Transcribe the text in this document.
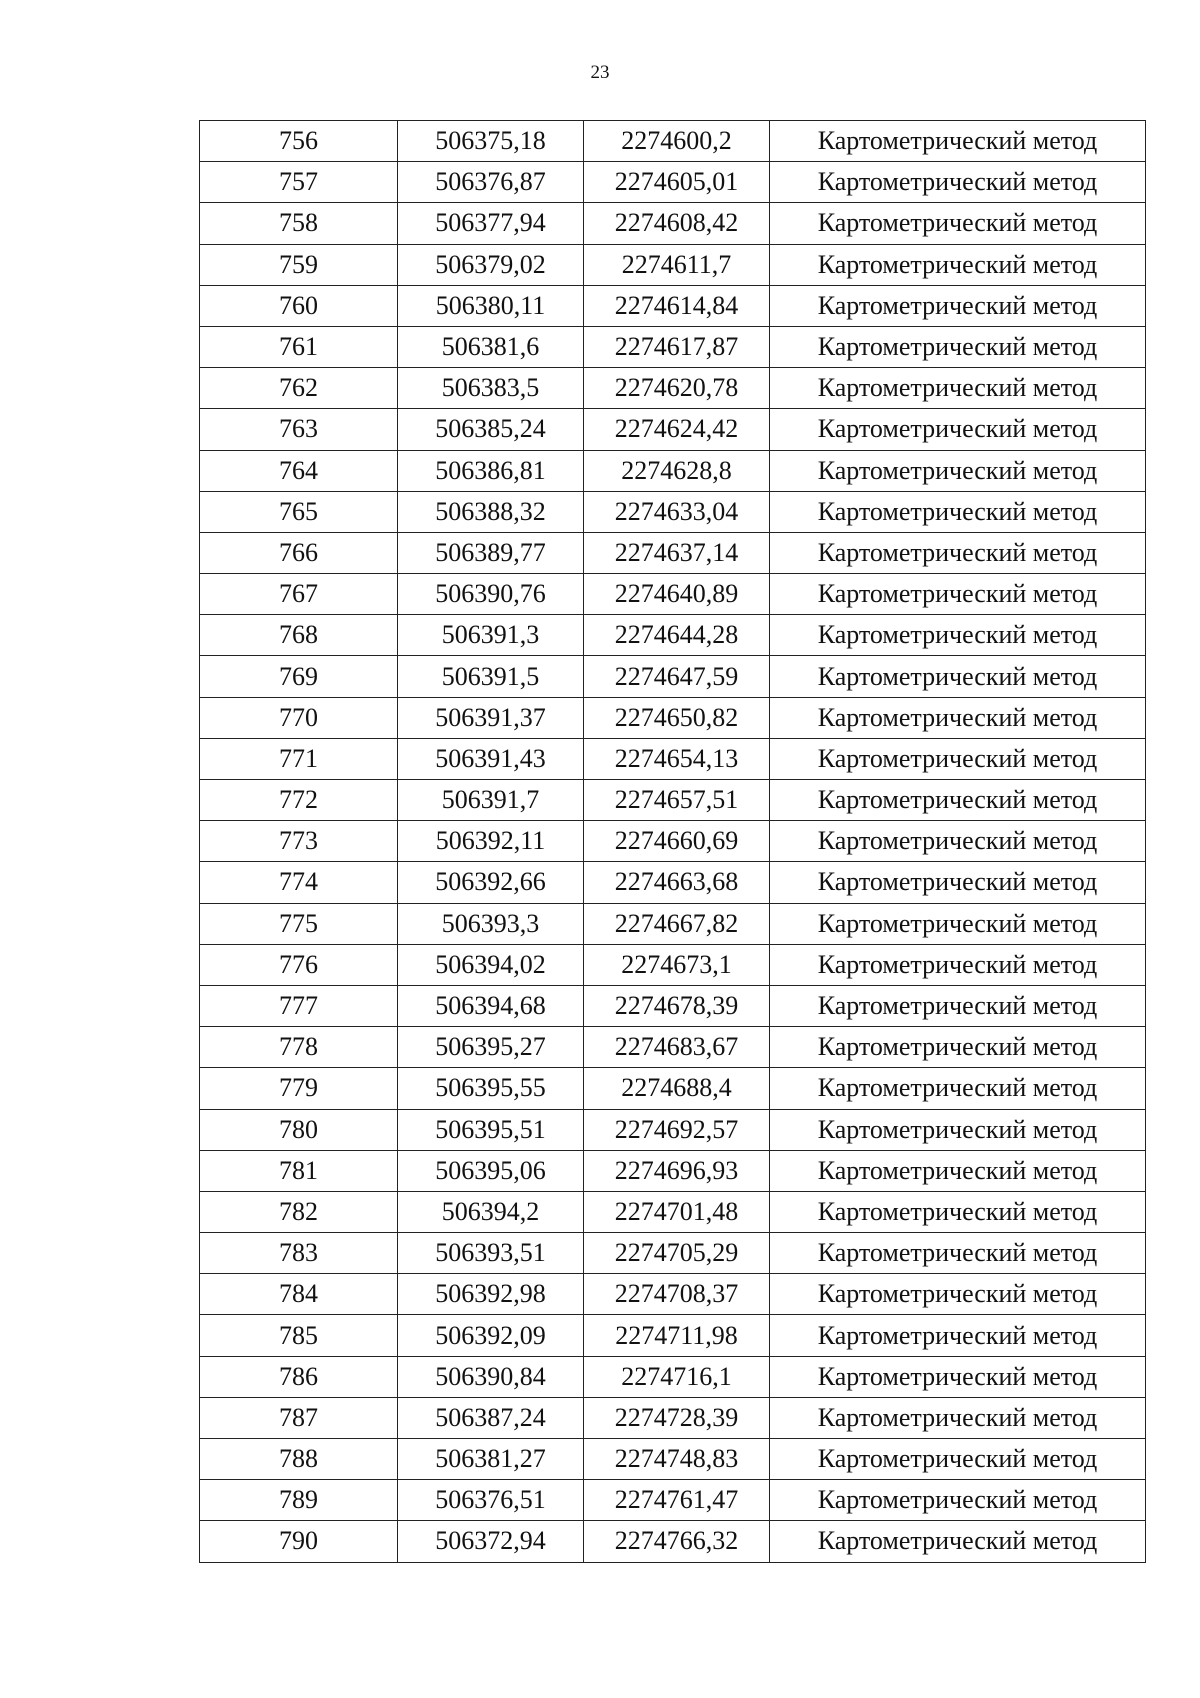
23
756	506375,18	2274600,2	Картометрический метод
757	506376,87	2274605,01	Картометрический метод
758	506377,94	2274608,42	Картометрический метод
759	506379,02	2274611,7	Картометрический метод
760	506380,11	2274614,84	Картометрический метод
761	506381,6	2274617,87	Картометрический метод
762	506383,5	2274620,78	Картометрический метод
763	506385,24	2274624,42	Картометрический метод
764	506386,81	2274628,8	Картометрический метод
765	506388,32	2274633,04	Картометрический метод
766	506389,77	2274637,14	Картометрический метод
767	506390,76	2274640,89	Картометрический метод
768	506391,3	2274644,28	Картометрический метод
769	506391,5	2274647,59	Картометрический метод
770	506391,37	2274650,82	Картометрический метод
771	506391,43	2274654,13	Картометрический метод
772	506391,7	2274657,51	Картометрический метод
773	506392,11	2274660,69	Картометрический метод
774	506392,66	2274663,68	Картометрический метод
775	506393,3	2274667,82	Картометрический метод
776	506394,02	2274673,1	Картометрический метод
777	506394,68	2274678,39	Картометрический метод
778	506395,27	2274683,67	Картометрический метод
779	506395,55	2274688,4	Картометрический метод
780	506395,51	2274692,57	Картометрический метод
781	506395,06	2274696,93	Картометрический метод
782	506394,2	2274701,48	Картометрический метод
783	506393,51	2274705,29	Картометрический метод
784	506392,98	2274708,37	Картометрический метод
785	506392,09	2274711,98	Картометрический метод
786	506390,84	2274716,1	Картометрический метод
787	506387,24	2274728,39	Картометрический метод
788	506381,27	2274748,83	Картометрический метод
789	506376,51	2274761,47	Картометрический метод
790	506372,94	2274766,32	Картометрический метод
